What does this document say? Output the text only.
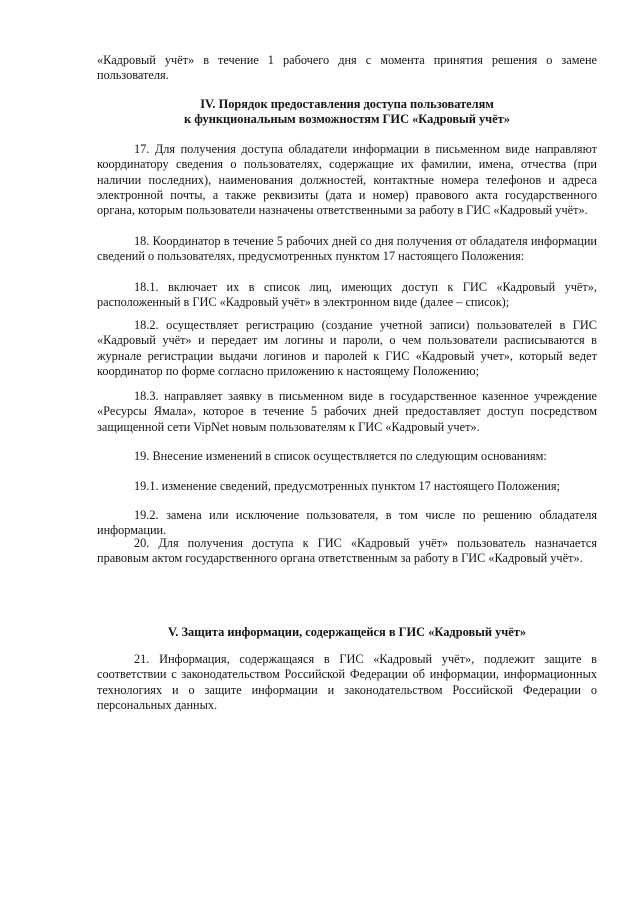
«Кадровый учёт» в течение 1 рабочего дня с момента принятия решения о замене пользователя.

IV. Порядок предоставления доступа пользователям
к функциональным возможностям ГИС «Кадровый учёт»

17. Для получения доступа обладатели информации в письменном виде направляют координатору сведения о пользователях, содержащие их фамилии, имена, отчества (при наличии последних), наименования должностей, контактные номера телефонов и адреса электронной почты, а также реквизиты (дата и номер) правового акта государственного органа, которым пользователи назначены ответственными за работу в ГИС «Кадровый учёт».

18. Координатор в течение 5 рабочих дней со дня получения от обладателя информации сведений о пользователях, предусмотренных пунктом 17 настоящего Положения:

18.1. включает их в список лиц, имеющих доступ к ГИС «Кадровый учёт», расположенный в ГИС «Кадровый учёт» в электронном виде (далее – список);

18.2. осуществляет регистрацию (создание учетной записи) пользователей в ГИС «Кадровый учёт» и передает им логины и пароли, о чем пользователи расписываются в журнале регистрации выдачи логинов и паролей к ГИС «Кадровый учет», который ведет координатор по форме согласно приложению к настоящему Положению;

18.3. направляет заявку в письменном виде в государственное казенное учреждение «Ресурсы Ямала», которое в течение 5 рабочих дней предоставляет доступ посредством защищенной сети VipNet новым пользователям к ГИС «Кадровый учет».

19. Внесение изменений в список осуществляется по следующим основаниям:

19.1. изменение сведений, предусмотренных пунктом 17 настоящего Положения;

19.2. замена или исключение пользователя, в том числе по решению обладателя информации.

20. Для получения доступа к ГИС «Кадровый учёт» пользователь назначается правовым актом государственного органа ответственным за работу в ГИС «Кадровый учёт».

V. Защита информации, содержащейся в ГИС «Кадровый учёт»

21. Информация, содержащаяся в ГИС «Кадровый учёт», подлежит защите в соответствии с законодательством Российской Федерации об информации, информационных технологиях и о защите информации и законодательством Российской Федерации о персональных данных.
